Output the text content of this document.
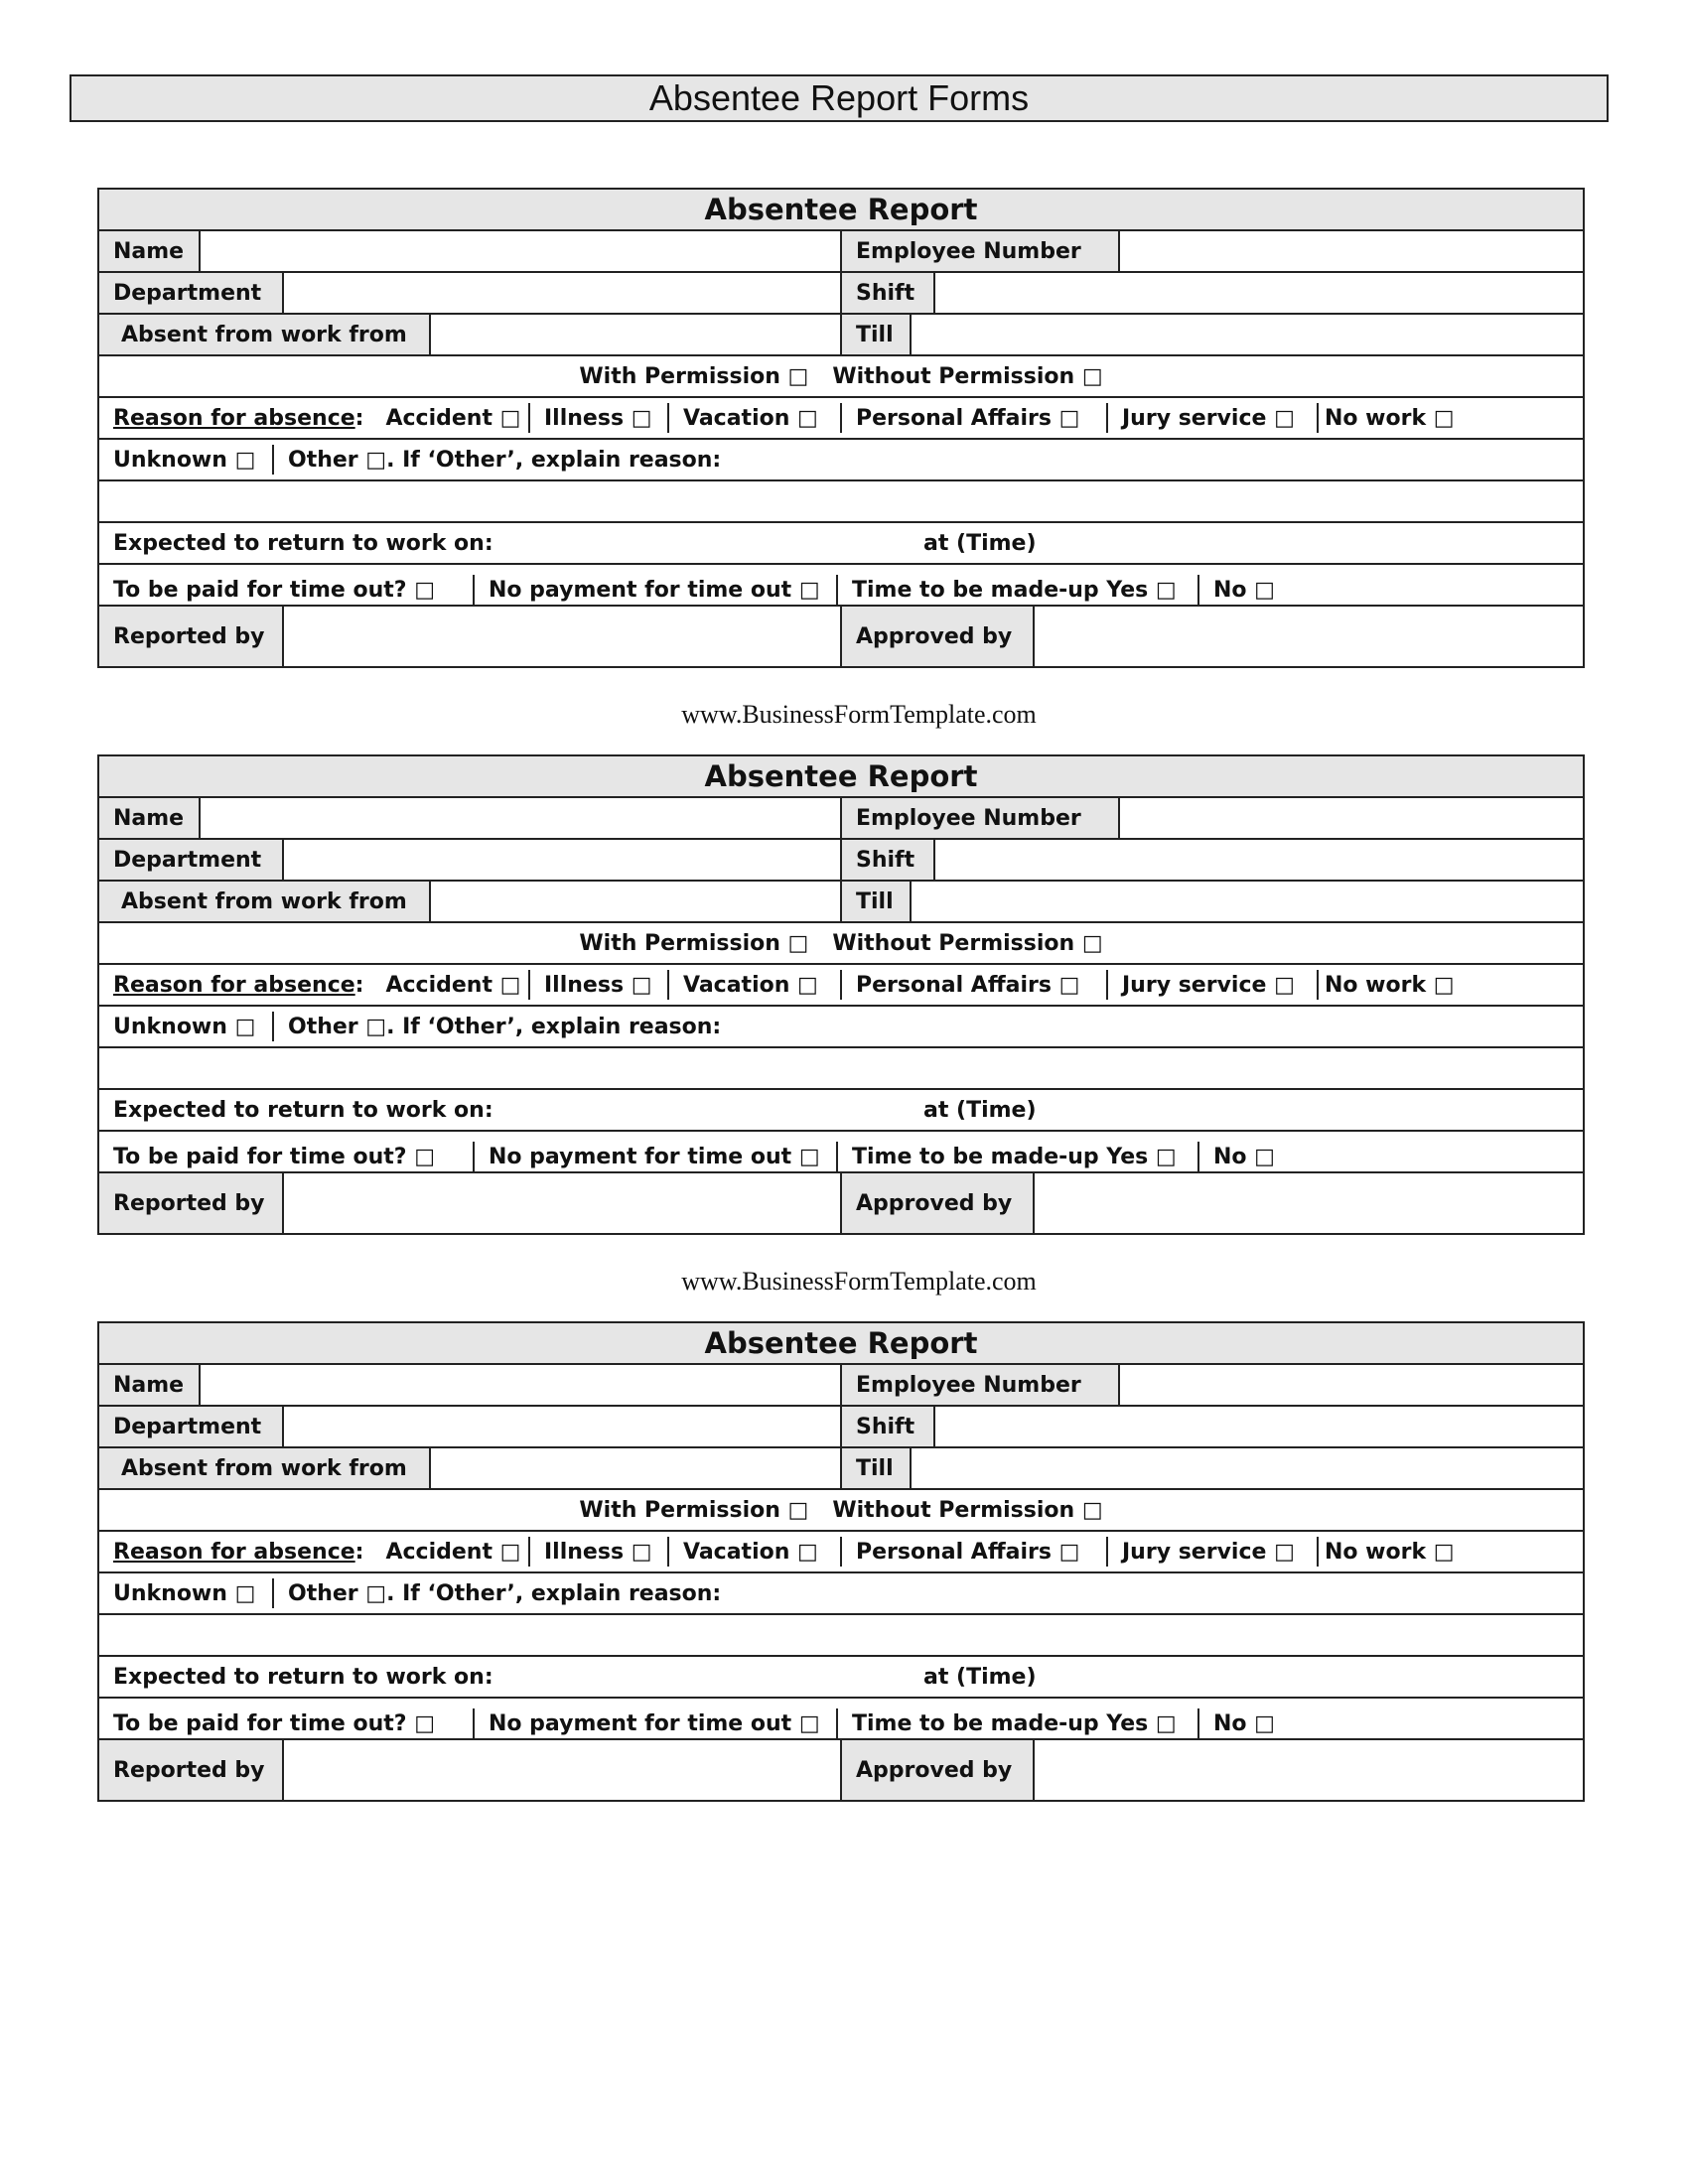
Absentee Report Forms
Absentee Report
Name	Employee Number
Department	Shift
Absent from work from	Till
With Permission □	Without Permission □
Reason for absence :	Accident □	Illness □	Vacation □	Personal Affairs □	Jury service □	No work □
Unknown □	Other □. If ‘Other’, explain reason:
Expected to return to work on:	at (Time)
To be paid for time out? □	No payment for time out □	Time to be made-up Yes □	No □
Reported by	Approved by
www.BusinessFormTemplate.com
Absentee Report
Name	Employee Number
Department	Shift
Absent from work from	Till
With Permission □	Without Permission □
Reason for absence :	Accident □	Illness □	Vacation □	Personal Affairs □	Jury service □	No work □
Unknown □	Other □. If ‘Other’, explain reason:
Expected to return to work on:	at (Time)
To be paid for time out? □	No payment for time out □	Time to be made-up Yes □	No □
Reported by	Approved by
www.BusinessFormTemplate.com
Absentee Report
Name	Employee Number
Department	Shift
Absent from work from	Till
With Permission □	Without Permission □
Reason for absence :	Accident □	Illness □	Vacation □	Personal Affairs □	Jury service □	No work □
Unknown □	Other □. If ‘Other’, explain reason:
Expected to return to work on:	at (Time)
To be paid for time out? □	No payment for time out □	Time to be made-up Yes □	No □
Reported by	Approved by
